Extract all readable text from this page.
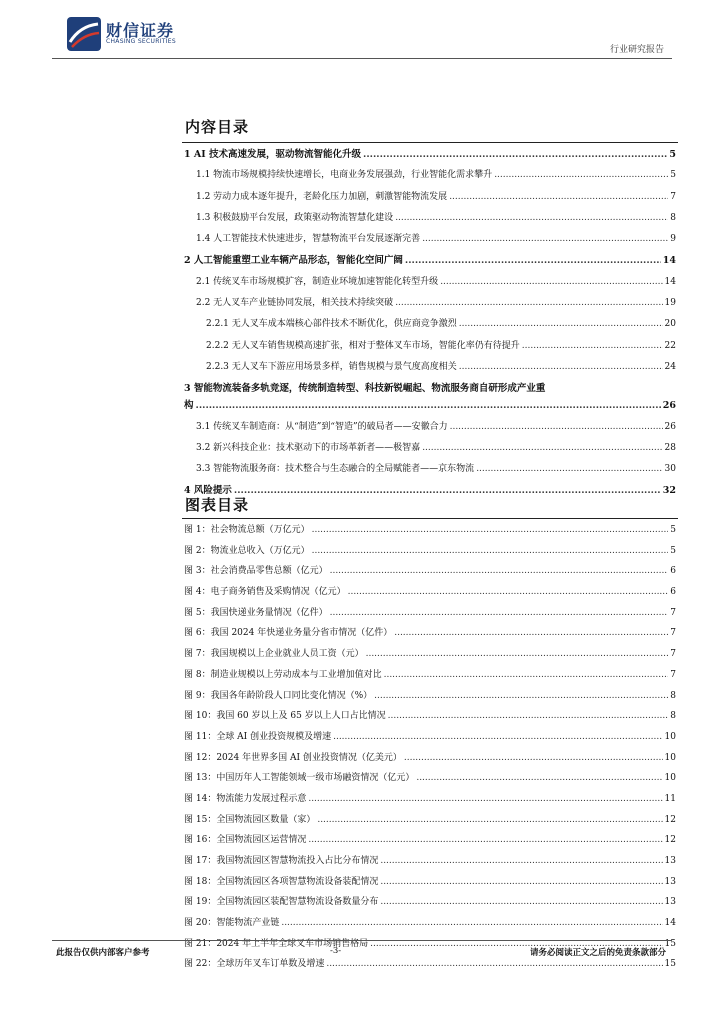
财信证券
CHASING SECURITIES
行业研究报告
内容目录
1 AI 技术高速发展，驱动物流智能化升级 .....	5
1.1 物流市场规模持续快速增长，电商业务发展强劲，行业智能化需求攀升 .....	5
1.2 劳动力成本逐年提升，老龄化压力加剧，刺激智能物流发展 .....	7
1.3 积极鼓励平台发展，政策驱动物流智慧化建设 .....	8
1.4 人工智能技术快速进步，智慧物流平台发展逐渐完善 .....	9
2 人工智能重塑工业车辆产品形态，智能化空间广阔 .....	14
2.1 传统叉车市场规模扩容，制造业环境加速智能化转型升级 .....	14
2.2 无人叉车产业链协同发展，相关技术持续突破 .....	19
2.2.1 无人叉车成本端核心部件技术不断优化，供应商竞争激烈 .....	20
2.2.2 无人叉车销售规模高速扩张，相对于整体叉车市场，智能化率仍有待提升 .....	22
2.2.3 无人叉车下游应用场景多样，销售规模与景气度高度相关 .....	24
3 智能物流装备多轨竞逐，传统制造转型、科技新锐崛起、物流服务商自研形成产业重
构 .....	26
3.1 传统叉车制造商：从“制造”到“智造”的破局者——安徽合力 .....	26
3.2 新兴科技企业：技术驱动下的市场革新者——极智嘉 .....	28
3.3 智能物流服务商：技术整合与生态融合的全局赋能者——京东物流 .....	30
4 风险提示 .....	32
图表目录
图 1：社会物流总额（万亿元） .....	5
图 2：物流业总收入（万亿元） .....	5
图 3：社会消费品零售总额（亿元） .....	6
图 4：电子商务销售及采购情况（亿元） .....	6
图 5：我国快递业务量情况（亿件） .....	7
图 6：我国 2024 年快递业务量分省市情况（亿件） .....	7
图 7：我国规模以上企业就业人员工资（元） .....	7
图 8：制造业规模以上劳动成本与工业增加值对比 .....	7
图 9：我国各年龄阶段人口同比变化情况（%） .....	8
图 10：我国 60 岁以上及 65 岁以上人口占比情况 .....	8
图 11：全球 AI 创业投资规模及增速 .....	10
图 12：2024 年世界多国 AI 创业投资情况（亿美元） .....	10
图 13：中国历年人工智能领域一级市场融资情况（亿元） .....	10
图 14：物流能力发展过程示意 .....	11
图 15：全国物流园区数量（家） .....	12
图 16：全国物流园区运营情况 .....	12
图 17：我国物流园区智慧物流投入占比分布情况 .....	13
图 18：全国物流园区各项智慧物流设备装配情况 .....	13
图 19：全国物流园区装配智慧物流设备数量分布 .....	13
图 20：智能物流产业链 .....	14
图 21：2024 年上半年全球叉车市场销售格局 .....	15
图 22：全球历年叉车订单数及增速 .....	15
此报告仅供内部客户参考	-3-	请务必阅读正文之后的免责条款部分
